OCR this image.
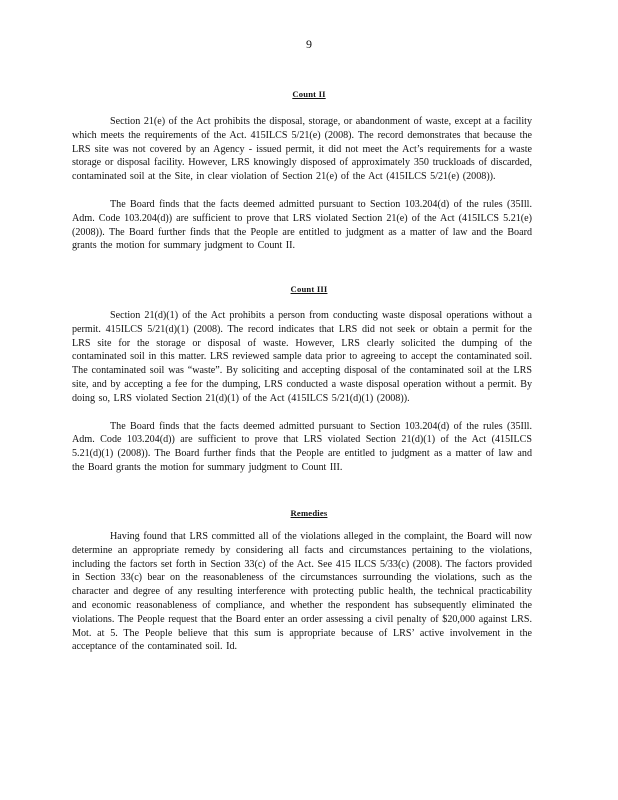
9
Count II

Section 21(e) of the Act prohibits the disposal, storage, or abandonment of waste, except at a facility which meets the requirements of the Act. 415ILCS 5/21(e) (2008). The record demonstrates that because the LRS site was not covered by an Agency - issued permit, it did not meet the Act’s requirements for a waste storage or disposal facility. However, LRS knowingly disposed of approximately 350 truckloads of discarded, contaminated soil at the Site, in clear violation of Section 21(e) of the Act (415ILCS 5/21(e) (2008)).

The Board finds that the facts deemed admitted pursuant to Section 103.204(d) of the rules (35Ill. Adm. Code 103.204(d)) are sufficient to prove that LRS violated Section 21(e) of the Act (415ILCS 5.21(e) (2008)). The Board further finds that the People are entitled to judgment as a matter of law and the Board grants the motion for summary judgment to Count II.

Count III

Section 21(d)(1) of the Act prohibits a person from conducting waste disposal operations without a permit. 415ILCS 5/21(d)(1) (2008). The record indicates that LRS did not seek or obtain a permit for the LRS site for the storage or disposal of waste. However, LRS clearly solicited the dumping of the contaminated soil in this matter. LRS reviewed sample data prior to agreeing to accept the contaminated soil. The contaminated soil was “waste”. By soliciting and accepting disposal of the contaminated soil at the LRS site, and by accepting a fee for the dumping, LRS conducted a waste disposal operation without a permit. By doing so, LRS violated Section 21(d)(1) of the Act (415ILCS 5/21(d)(1) (2008)).

The Board finds that the facts deemed admitted pursuant to Section 103.204(d) of the rules (35Ill. Adm. Code 103.204(d)) are sufficient to prove that LRS violated Section 21(d)(1) of the Act (415ILCS 5.21(d)(1) (2008)). The Board further finds that the People are entitled to judgment as a matter of law and the Board grants the motion for summary judgment to Count III.

Remedies

Having found that LRS committed all of the violations alleged in the complaint, the Board will now determine an appropriate remedy by considering all facts and circumstances pertaining to the violations, including the factors set forth in Section 33(c) of the Act. See 415 ILCS 5/33(c) (2008). The factors provided in Section 33(c) bear on the reasonableness of the circumstances surrounding the violations, such as the character and degree of any resulting interference with protecting public health, the technical practicability and economic reasonableness of compliance, and whether the respondent has subsequently eliminated the violations. The People request that the Board enter an order assessing a civil penalty of $20,000 against LRS. Mot. at 5. The People believe that this sum is appropriate because of LRS’ active involvement in the acceptance of the contaminated soil. Id.
